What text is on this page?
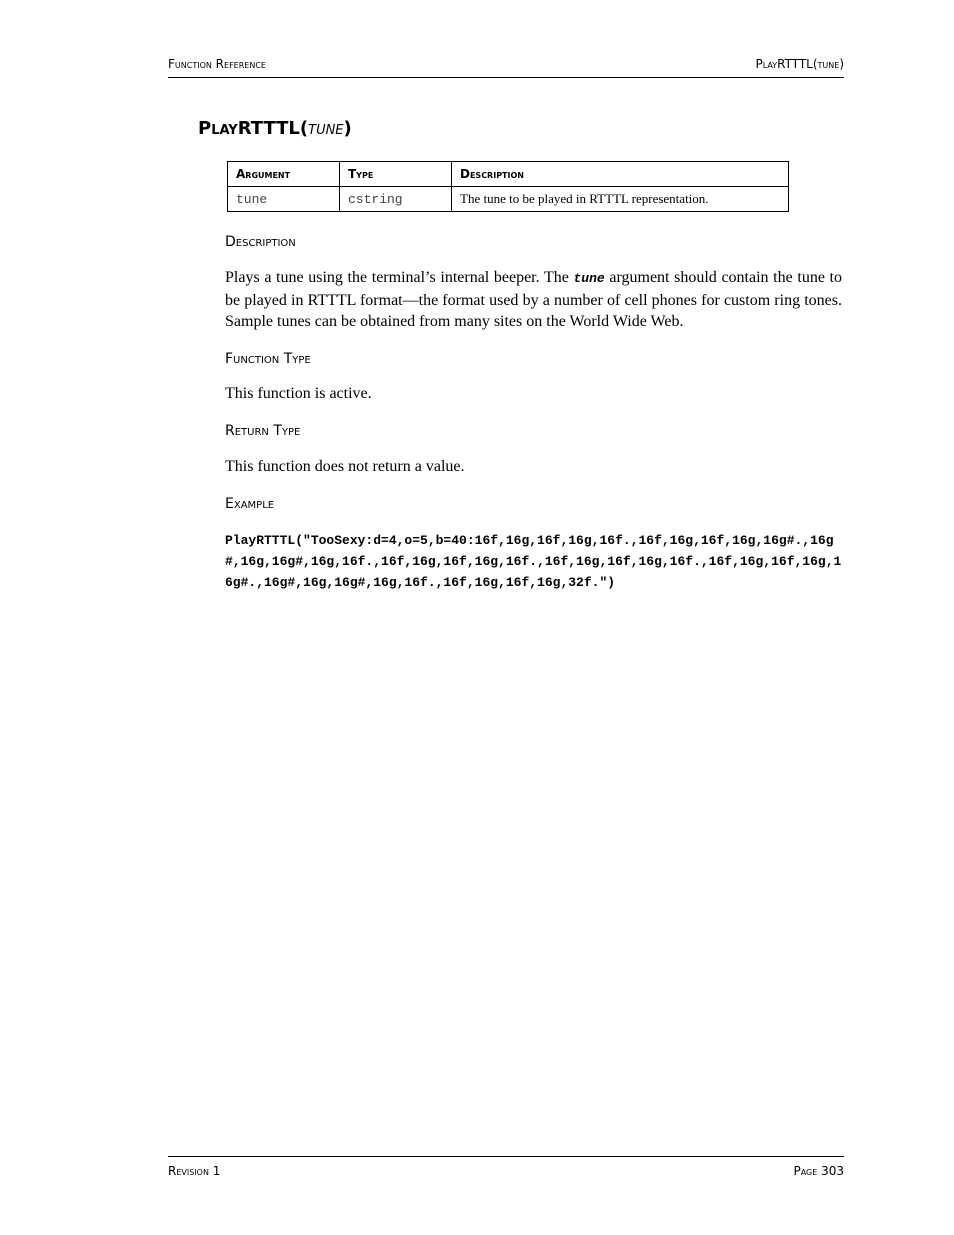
Function Reference	PlayRTTTL(tune)
PlayRTTTL(tune)
Argument	Type	Description
tune	cstring	The tune to be played in RTTTL representation.
Description
Plays a tune using the terminal’s internal beeper. The tune argument should contain the tune to be played in RTTTL format—the format used by a number of cell phones for custom ring tones. Sample tunes can be obtained from many sites on the World Wide Web.
Function Type
This function is active.
Return Type
This function does not return a value.
Example
PlayRTTTL("TooSexy:d=4,o=5,b=40:16f,16g,16f,16g,16f.,16f,16g,16f,16g,16g#.,16g#,16g,16g#,16g,16f.,16f,16g,16f,16g,16f.,16f,16g,16f,16g,16f.,16f,16g,16f,16g,16g#.,16g#,16g,16g#,16g,16f.,16f,16g,16f,16g,32f.")
Revision 1	Page 303
